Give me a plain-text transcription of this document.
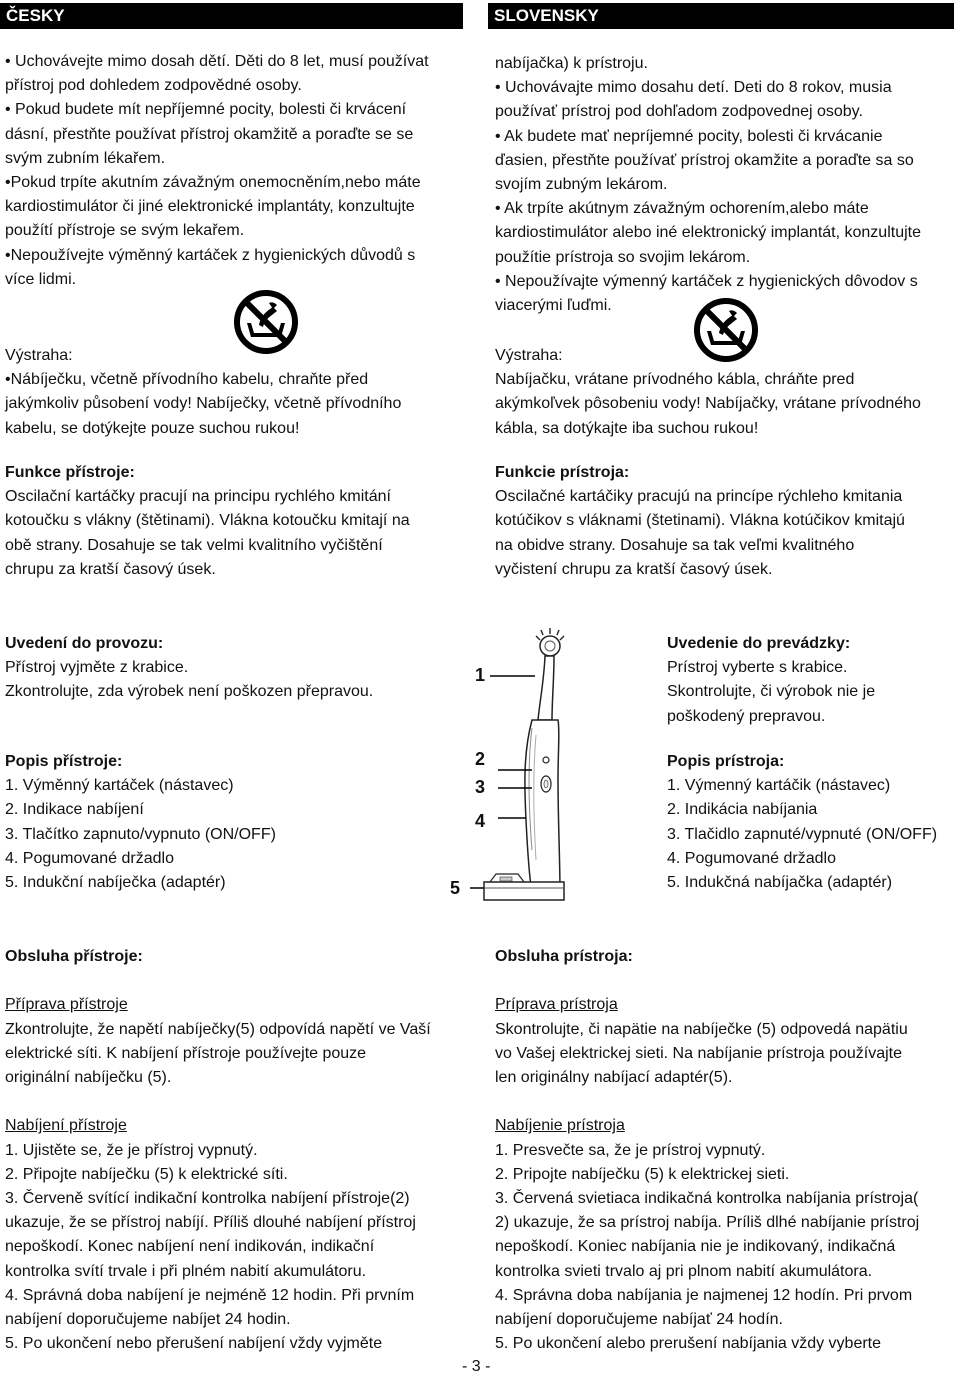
ČESKY	SLOVENSKY
• Uchovávejte mimo dosah dětí. Děti do 8 let, musí používat
přístroj pod dohledem zodpovědné osoby.
• Pokud budete mít nepříjemné pocity, bolesti či krvácení
dásní, přestňte používat přístroj okamžitě a poraďte se se
svým zubním lékařem.
•Pokud trpíte akutním závažným onemocněním,nebo máte
kardiostimulátor či jiné elektronické implantáty, konzultujte
použítí přístroje se svým lekařem.
•Nepoužívejte výměnný kartáček z hygienických důvodů s
více lidmi.
Výstraha:
•Nábíječku, včetně přívodního kabelu, chraňte před
jakýmkoliv působení vody! Nabíječky, včetně přívodního
kabelu, se dotýkejte pouze suchou rukou!
Funkce přístroje:
Oscilační kartáčky pracují na principu rychlého kmitání
kotoučku s vlákny (štětinami). Vlákna kotoučku kmitají na
obě strany. Dosahuje se tak velmi kvalitního vyčištění
chrupu za kratší časový úsek.
nabíjačka) k prístroju.
• Uchovávajte mimo dosahu detí. Deti do 8 rokov, musia
používať prístroj pod dohľadom zodpovednej osoby.
• Ak budete mať nepríjemné pocity, bolesti či krvácanie
ďasien, přestňte používať prístroj okamžite a poraďte sa so
svojím zubným lekárom.
• Ak trpíte akútnym závažným ochorením,alebo máte
kardiostimulátor alebo iné elektronický implantát, konzultujte
použítie prístroja so svojim lekárom.
• Nepoužívajte výmenný kartáček z hygienických dôvodov s
viacerými ľuďmi.
Výstraha:
Nabíjačku, vrátane prívodného kábla, chráňte pred
akýmkoľvek pôsobeniu vody! Nabíjačky, vrátane prívodného
kábla, sa dotýkajte iba suchou rukou!
Funkcie prístroja:
Oscilačné kartáčiky pracujú na princípe rýchleho kmitania
kotúčikov s vláknami (štetinami). Vlákna kotúčikov kmitajú
na obidve strany. Dosahuje sa tak veľmi kvalitného
vyčistení chrupu za kratší časový úsek.
Uvedení do provozu:
Přístroj vyjměte z krabice.
Zkontrolujte, zda výrobek není poškozen přepravou.
Popis přístroje:
1. Výměnný kartáček (nástavec)
2. Indikace nabíjení
3. Tlačítko zapnuto/vypnuto (ON/OFF)
4. Pogumované držadlo
5. Indukční nabíječka (adaptér)
Uvedenie do prevádzky:
Prístroj vyberte s krabice.
Skontrolujte, či výrobok nie je
poškodený prepravou.
Popis prístroja:
1. Výmenný kartáčik (nástavec)
2. Indikácia nabíjania
3. Tlačidlo zapnuté/vypnuté (ON/OFF)
4. Pogumované držadlo
5. Indukčná nabíjačka (adaptér)
1
2
3
4
5
Obsluha přístroje:
Příprava přístroje
Zkontrolujte, že napětí nabíječky(5) odpovídá napětí ve Vaší
elektrické síti. K nabíjení přístroje používejte pouze
originální nabíječku (5).
Nabíjení přístroje
1. Ujistěte se, že je přístroj vypnutý.
2. Připojte nabíječku (5) k elektrické síti.
3. Červeně svítící indikační kontrolka nabíjení přístroje(2)
ukazuje, že se přístroj nabíjí. Příliš dlouhé nabíjení přístroj
nepoškodí. Konec nabíjení není indikován, indikační
kontrolka svítí trvale i při plném nabití akumulátoru.
4. Správná doba nabíjení je nejméně 12 hodin. Při prvním
nabíjení doporučujeme nabíjet 24 hodin.
5. Po ukončení nebo přerušení nabíjení vždy vyjměte
Obsluha prístroja:
Príprava prístroja
Skontrolujte, či napätie na nabíječke (5) odpovedá napätiu
vo Vašej elektrickej sieti. Na nabíjanie prístroja používajte
len originálny nabíjací adaptér(5).
Nabíjenie prístroja
1. Presvečte sa, že je prístroj vypnutý.
2. Pripojte nabíječku (5) k elektrickej sieti.
3. Červená svietiaca indikačná kontrolka nabíjania prístroja(
2) ukazuje, že sa prístroj nabíja. Príliš dlhé nabíjanie prístroj
nepoškodí. Koniec nabíjania nie je indikovaný, indikačná
kontrolka svieti trvalo aj pri plnom nabití akumulátora.
4. Správna doba nabíjania je najmenej 12 hodín. Pri prvom
nabíjení doporučujeme nabíjať 24 hodín.
5. Po ukončení alebo prerušení nabíjania vždy vyberte
- 3 -
